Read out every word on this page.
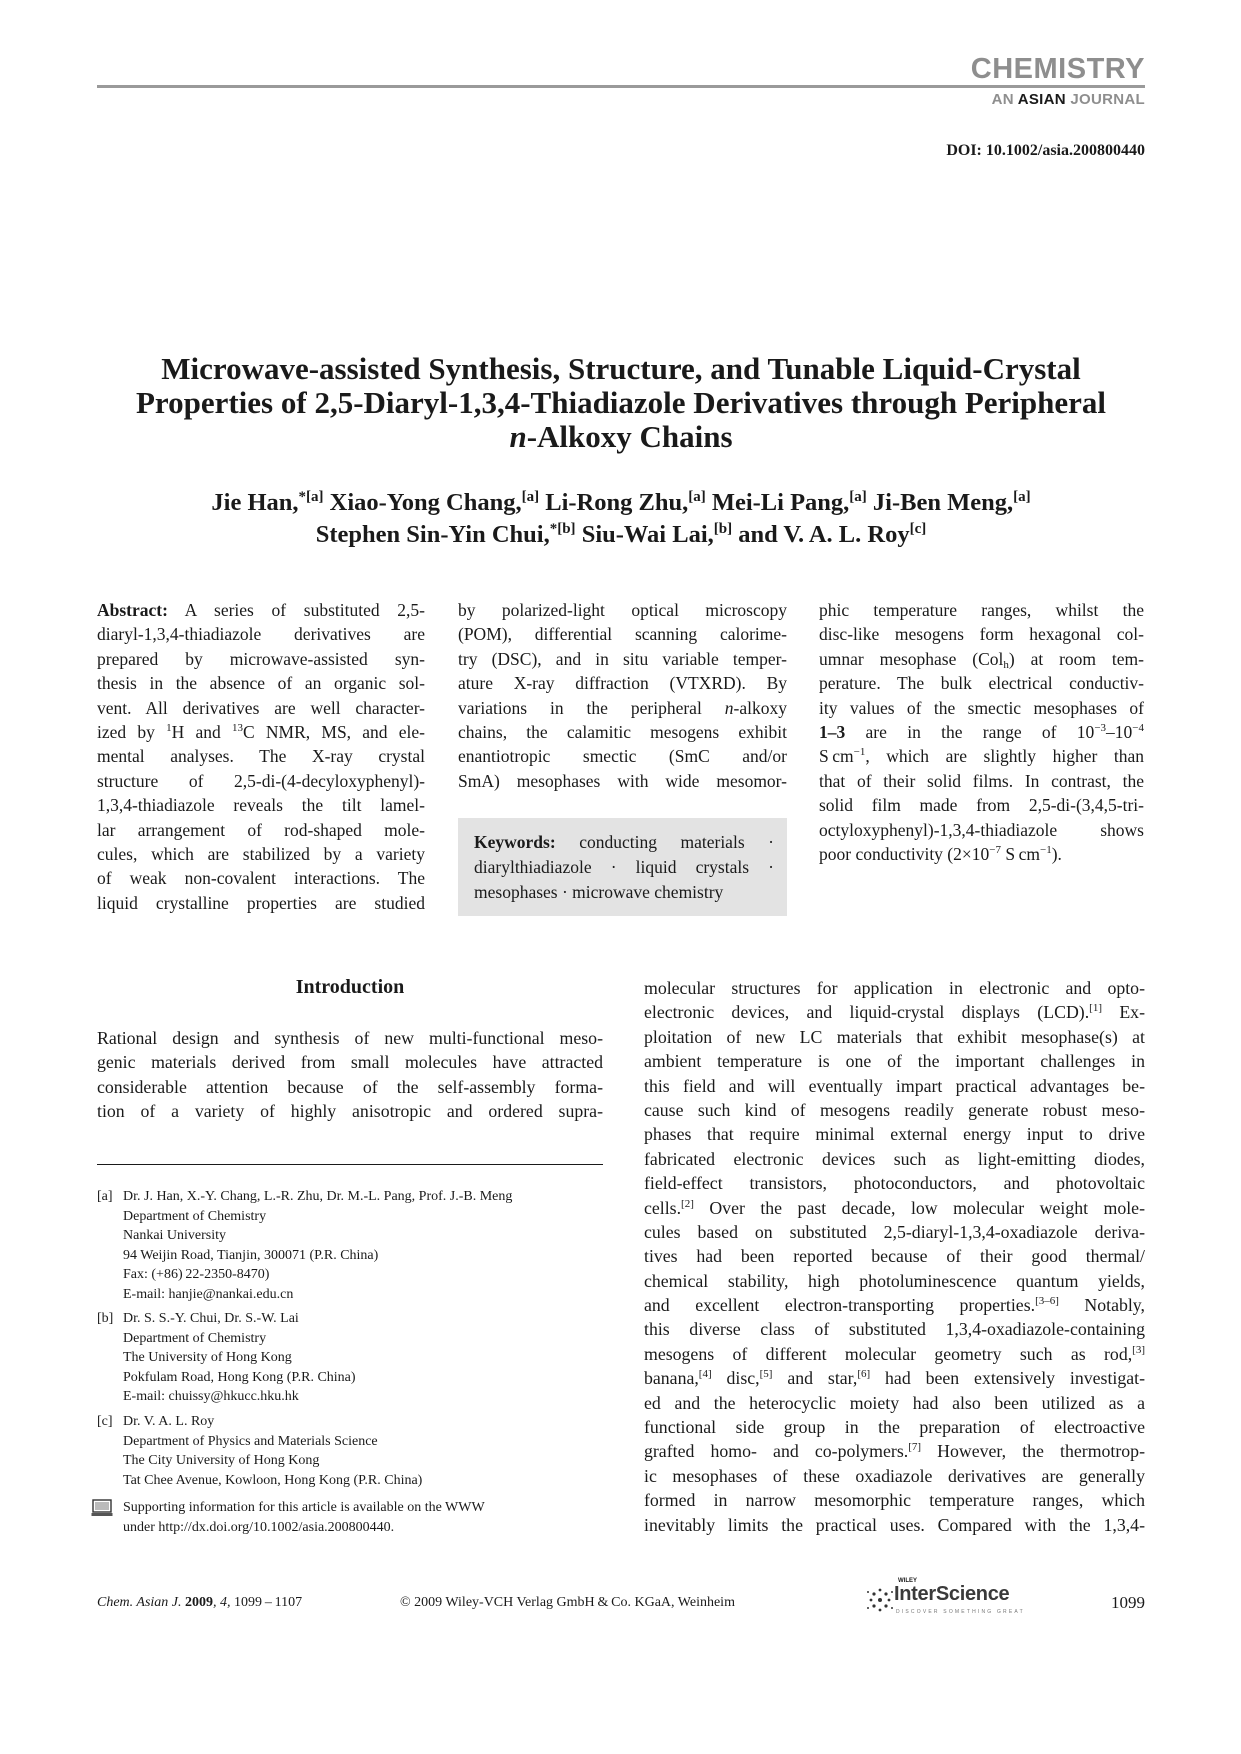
CHEMISTRY
AN ASIAN JOURNAL
DOI: 10.1002/asia.200800440
Microwave-assisted Synthesis, Structure, and Tunable Liquid-Crystal
Properties of 2,5-Diaryl-1,3,4-Thiadiazole Derivatives through Peripheral
n-Alkoxy Chains
Jie Han,$^{*[a]}$ Xiao-Yong Chang,[a] Li-Rong Zhu,[a] Mei-Li Pang,[a] Ji-Ben Meng,[a]
Stephen Sin-Yin Chui,$^{*[b]}$ Siu-Wai Lai,[b] and V. A. L. Roy[c]
Abstract: A series of substituted 2,5-
diaryl-1,3,4-thiadiazole derivatives are
prepared by microwave-assisted syn-
thesis in the absence of an organic sol-
vent. All derivatives are well character-
ized by $^1$H and $^{13}$C NMR, MS, and ele-
mental analyses. The X-ray crystal
structure of 2,5-di-(4-decyloxyphenyl)-
1,3,4-thiadiazole reveals the tilt lamel-
lar arrangement of rod-shaped mole-
cules, which are stabilized by a variety
of weak non-covalent interactions. The
liquid crystalline properties are studied
by polarized-light optical microscopy
(POM), differential scanning calorime-
try (DSC), and in situ variable temper-
ature X-ray diffraction (VTXRD). By
variations in the peripheral n-alkoxy
chains, the calamitic mesogens exhibit
enantiotropic smectic (SmC and/or
SmA) mesophases with wide mesomor-
Keywords: conducting materials ·
diarylthiadiazole · liquid crystals ·
mesophases · microwave chemistry
phic temperature ranges, whilst the
disc-like mesogens form hexagonal col-
umnar mesophase (Col$_h$) at room tem-
perature. The bulk electrical conductiv-
ity values of the smectic mesophases of
1–3 are in the range of $10^{-3}-10^{-4}$
S $cm^{-1}$, which are slightly higher than
that of their solid films. In contrast, the
solid film made from 2,5-di-(3,4,5-tri-
octyloxyphenyl)-1,3,4-thiadiazole shows
poor conductivity ($2\times 10^{-7}$ S $cm^{-1}$).
Introduction
Rational design and synthesis of new multi-functional meso-
genic materials derived from small molecules have attracted
considerable attention because of the self-assembly forma-
tion of a variety of highly anisotropic and ordered supra-
[a] Dr. J. Han, X.-Y. Chang, L.-R. Zhu, Dr. M.-L. Pang, Prof. J.-B. Meng
Department of Chemistry
Nankai University
94 Weijin Road, Tianjin, 300071 (P.R. China)
Fax: (+86) 22-2350-8470)
E-mail: hanjie@nankai.edu.cn
[b] Dr. S. S.-Y. Chui, Dr. S.-W. Lai
Department of Chemistry
The University of Hong Kong
Pokfulam Road, Hong Kong (P.R. China)
E-mail: chuissy@hkucc.hku.hk
[c] Dr. V. A. L. Roy
Department of Physics and Materials Science
The City University of Hong Kong
Tat Chee Avenue, Kowloon, Hong Kong (P.R. China)
Supporting information for this article is available on the WWW
under http://dx.doi.org/10.1002/asia.200800440.
molecular structures for application in electronic and opto-
electronic devices, and liquid-crystal displays (LCD).[1] Ex-
ploitation of new LC materials that exhibit mesophase(s) at
ambient temperature is one of the important challenges in
this field and will eventually impart practical advantages be-
cause such kind of mesogens readily generate robust meso-
phases that require minimal external energy input to drive
fabricated electronic devices such as light-emitting diodes,
field-effect transistors, photoconductors, and photovoltaic
cells.[2] Over the past decade, low molecular weight mole-
cules based on substituted 2,5-diaryl-1,3,4-oxadiazole deriva-
tives had been reported because of their good thermal/
chemical stability, high photoluminescence quantum yields,
and excellent electron-transporting properties.[3–6] Notably,
this diverse class of substituted 1,3,4-oxadiazole-containing
mesogens of different molecular geometry such as rod,[3]
banana,[4] disc,[5] and star,[6] had been extensively investigat-
ed and the heterocyclic moiety had also been utilized as a
functional side group in the preparation of electroactive
grafted homo- and co-polymers.[7] However, the thermotrop-
ic mesophases of these oxadiazole derivatives are generally
formed in narrow mesomorphic temperature ranges, which
inevitably limits the practical uses. Compared with the 1,3,4-
Chem. Asian J. 2009, 4, 1099 – 1107	© 2009 Wiley-VCH Verlag GmbH & Co. KGaA, Weinheim
WILEY
InterScience
DISCOVER SOMETHING GREAT	1099
